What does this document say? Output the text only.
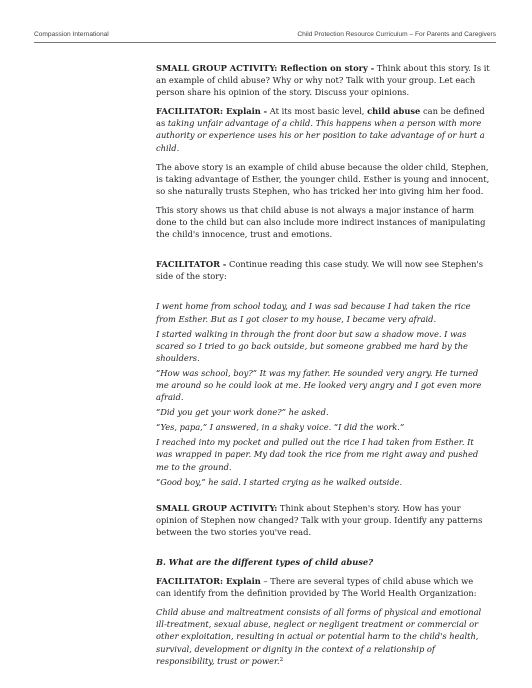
Compassion International	Child Protection Resource Curriculum – For Parents and Caregivers

SMALL GROUP ACTIVITY: Reflection on story - Think about this story. Is it an example of child abuse? Why or why not? Talk with your group. Let each person share his opinion of the story. Discuss your opinions.

FACILITATOR: Explain - At its most basic level, child abuse can be defined as taking unfair advantage of a child. This happens when a person with more authority or experience uses his or her position to take advantage of or hurt a child.

The above story is an example of child abuse because the older child, Stephen, is taking advantage of Esther, the younger child. Esther is young and innocent, so she naturally trusts Stephen, who has tricked her into giving him her food.

This story shows us that child abuse is not always a major instance of harm done to the child but can also include more indirect instances of manipulating the child's innocence, trust and emotions.

FACILITATOR - Continue reading this case study. We will now see Stephen's side of the story:

I went home from school today, and I was sad because I had taken the rice from Esther. But as I got closer to my house, I became very afraid.

I started walking in through the front door but saw a shadow move. I was scared so I tried to go back outside, but someone grabbed me hard by the shoulders.

“How was school, boy?” It was my father. He sounded very angry. He turned me around so he could look at me. He looked very angry and I got even more afraid.

“Did you get your work done?” he asked.

“Yes, papa,” I answered, in a shaky voice. “I did the work.”

I reached into my pocket and pulled out the rice I had taken from Esther. It was wrapped in paper. My dad took the rice from me right away and pushed me to the ground.

“Good boy,” he said. I started crying as he walked outside.

SMALL GROUP ACTIVITY: Think about Stephen's story. How has your opinion of Stephen now changed? Talk with your group. Identify any patterns between the two stories you've read.

B. What are the different types of child abuse?

FACILITATOR: Explain – There are several types of child abuse which we can identify from the definition provided by The World Health Organization:

Child abuse and maltreatment consists of all forms of physical and emotional ill-treatment, sexual abuse, neglect or negligent treatment or commercial or other exploitation, resulting in actual or potential harm to the child's health, survival, development or dignity in the context of a relationship of responsibility, trust or power.$^2$
